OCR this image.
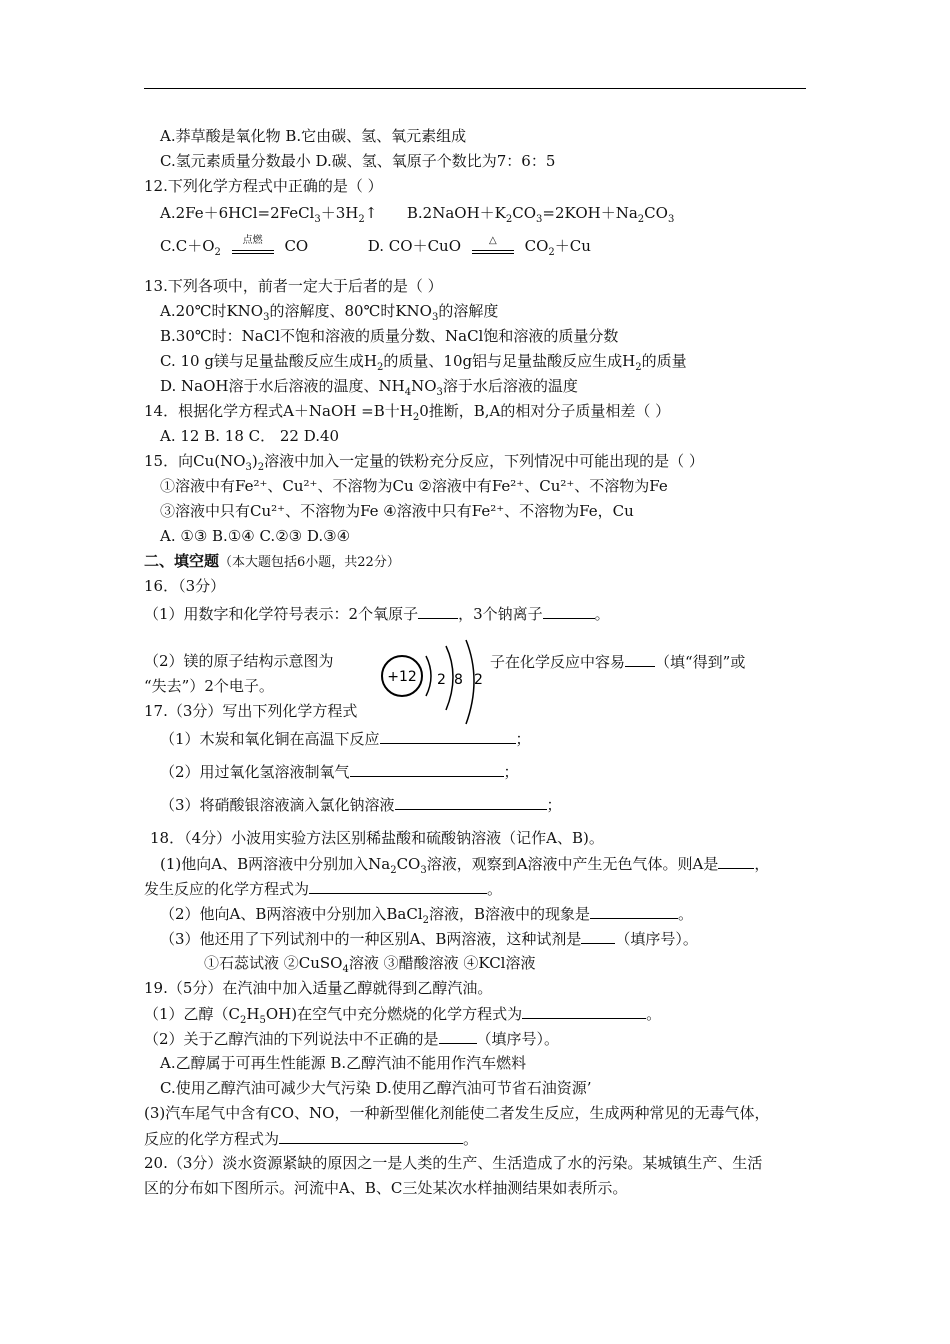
A.莽草酸是氧化物 B.它由碳、氢、氧元素组成
C.氢元素质量分数最小 D.碳、氢、氧原子个数比为7：6：5
12.下列化学方程式中正确的是（ ）
$A.2Fe+6HCl=2FeCl_3+3H_2↑$ $B.2NaOH+K_2CO_3=2KOH+Na_2CO_3$
$C.C+O_2$
点燃	CO	D. CO＋CuO	△	$CO_2+Cu$
13.下列各项中，前者一定大于后者的是（ ）
A.20℃时$KNO_3$的溶解度、80℃时$KNO_3$的溶解度
B.30℃时：NaCl不饱和溶液的质量分数、NaCl饱和溶液的质量分数
C. 10 g镁与足量盐酸反应生成$H_2$的质量、10g铝与足量盐酸反应生成$H_2$的质量
D. NaOH溶于水后溶液的温度、$NH_4NO_3$溶于水后溶液的温度
14．根据化学方程式A＋NaOH =B十$H_20$推断，B,A的相对分子质量相差（ ）
A. 12 B. 18 C． 22 D.40
15．向$Cu(NO_3)_2$溶液中加入一定量的铁粉充分反应，下列情况中可能出现的是（ ）
①溶液中有Fe²⁺、Cu²⁺、不溶物为Cu ②溶液中有Fe²⁺、Cu²⁺、不溶物为Fe
③溶液中只有Cu²⁺、不溶物为Fe ④溶液中只有Fe²⁺、不溶物为Fe，Cu
A. ①③ B.①④ C.②③ D.③④
二、填空题（本大题包括6小题，共22分）
16．（3分）
（1）用数字和化学符号表示：2个氧原子	，3个钠离子	。
（2）镁的原子结构示意图为	子在化学反应中容易 （填“得到”或
“失去”）2个电子。	+12 2 8 2
17.（3分）写出下列化学方程式
（1）木炭和氧化铜在高温下反应	；
（2）用过氧化氢溶液制氧气	；
（3）将硝酸银溶液滴入氯化钠溶液	；
18．（4分）小波用实验方法区别稀盐酸和硫酸钠溶液（记作A、B)。
(1)他向A、B两溶液中分别加入$Na_2CO_3$溶液，观察到A溶液中产生无色气体。则A是 ，
发生反应的化学方程式为	。
（2）他向A、B两溶液中分别加入BaCl$_2$溶液，B溶液中的现象是	。
（3）他还用了下列试剂中的一种区别A、B两溶液，这种试剂是 （填序号）。
①石蕊试液 ②CuSO$_4$溶液 ③醋酸溶液 ④KCl溶液
19.（5分）在汽油中加入适量乙醇就得到乙醇汽油。
（1）乙醇$(C_2H_5OH)$在空气中充分燃烧的化学方程式为	。
（2）关于乙醇汽油的下列说法中不正确的是	（填序号）。
A.乙醇属于可再生性能源 B.乙醇汽油不能用作汽车燃料
C.使用乙醇汽油可减少大气污染 D.使用乙醇汽油可节省石油资源’
(3)汽车尾气中含有CO、NO，一种新型催化剂能使二者发生反应，生成两种常见的无毒气体，
反应的化学方程式为	。
20.（3分）淡水资源紧缺的原因之一是人类的生产、生活造成了水的污染。某城镇生产、生活
区的分布如下图所示。河流中A、B、C三处某次水样抽测结果如表所示。
